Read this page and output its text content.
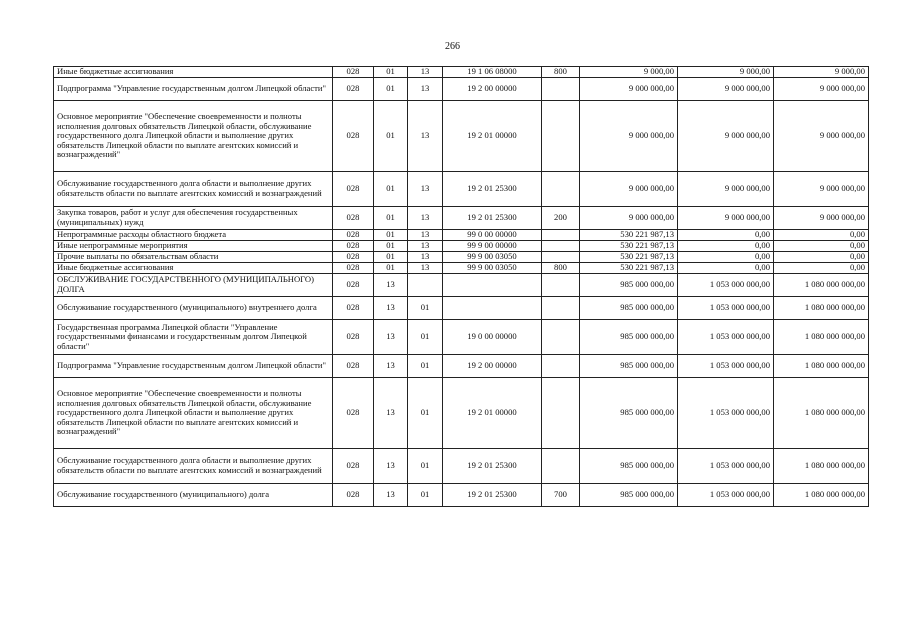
266
Иные бюджетные ассигнования	028	01	13	19 1 06 08000	800	9 000,00	9 000,00	9 000,00
Подпрограмма "Управление государственным долгом Липецкой области"	028	01	13	19 2 00 00000		9 000 000,00	9 000 000,00	9 000 000,00
Основное мероприятие "Обеспечение своевременности и полноты исполнения долговых обязательств Липецкой области, обслуживание государственного долга Липецкой области и выполнение других обязательств Липецкой области по выплате агентских комиссий и вознаграждений"	028	01	13	19 2 01 00000		9 000 000,00	9 000 000,00	9 000 000,00
Обслуживание государственного долга области и выполнение других обязательств области по выплате агентских комиссий и вознаграждений	028	01	13	19 2 01 25300		9 000 000,00	9 000 000,00	9 000 000,00
Закупка товаров, работ и услуг для обеспечения государственных (муниципальных) нужд	028	01	13	19 2 01 25300	200	9 000 000,00	9 000 000,00	9 000 000,00
Непрограммные расходы областного бюджета	028	01	13	99 0 00 00000		530 221 987,13	0,00	0,00
Иные непрограммные мероприятия	028	01	13	99 9 00 00000		530 221 987,13	0,00	0,00
Прочие выплаты по обязательствам области	028	01	13	99 9 00 03050		530 221 987,13	0,00	0,00
Иные бюджетные ассигнования	028	01	13	99 9 00 03050	800	530 221 987,13	0,00	0,00
ОБСЛУЖИВАНИЕ ГОСУДАРСТВЕННОГО (МУНИЦИПАЛЬНОГО) ДОЛГА	028	13				985 000 000,00	1 053 000 000,00	1 080 000 000,00
Обслуживание государственного (муниципального) внутреннего долга	028	13	01			985 000 000,00	1 053 000 000,00	1 080 000 000,00
Государственная программа Липецкой области "Управление государственными финансами и государственным долгом Липецкой области"	028	13	01	19 0 00 00000		985 000 000,00	1 053 000 000,00	1 080 000 000,00
Подпрограмма "Управление государственным долгом Липецкой области"	028	13	01	19 2 00 00000		985 000 000,00	1 053 000 000,00	1 080 000 000,00
Основное мероприятие "Обеспечение своевременности и полноты исполнения долговых обязательств Липецкой области, обслуживание государственного долга Липецкой области и выполнение других обязательств Липецкой области по выплате агентских комиссий и вознаграждений"	028	13	01	19 2 01 00000		985 000 000,00	1 053 000 000,00	1 080 000 000,00
Обслуживание государственного долга области и выполнение других обязательств области по выплате агентских комиссий и вознаграждений	028	13	01	19 2 01 25300		985 000 000,00	1 053 000 000,00	1 080 000 000,00
Обслуживание государственного (муниципального) долга	028	13	01	19 2 01 25300	700	985 000 000,00	1 053 000 000,00	1 080 000 000,00
